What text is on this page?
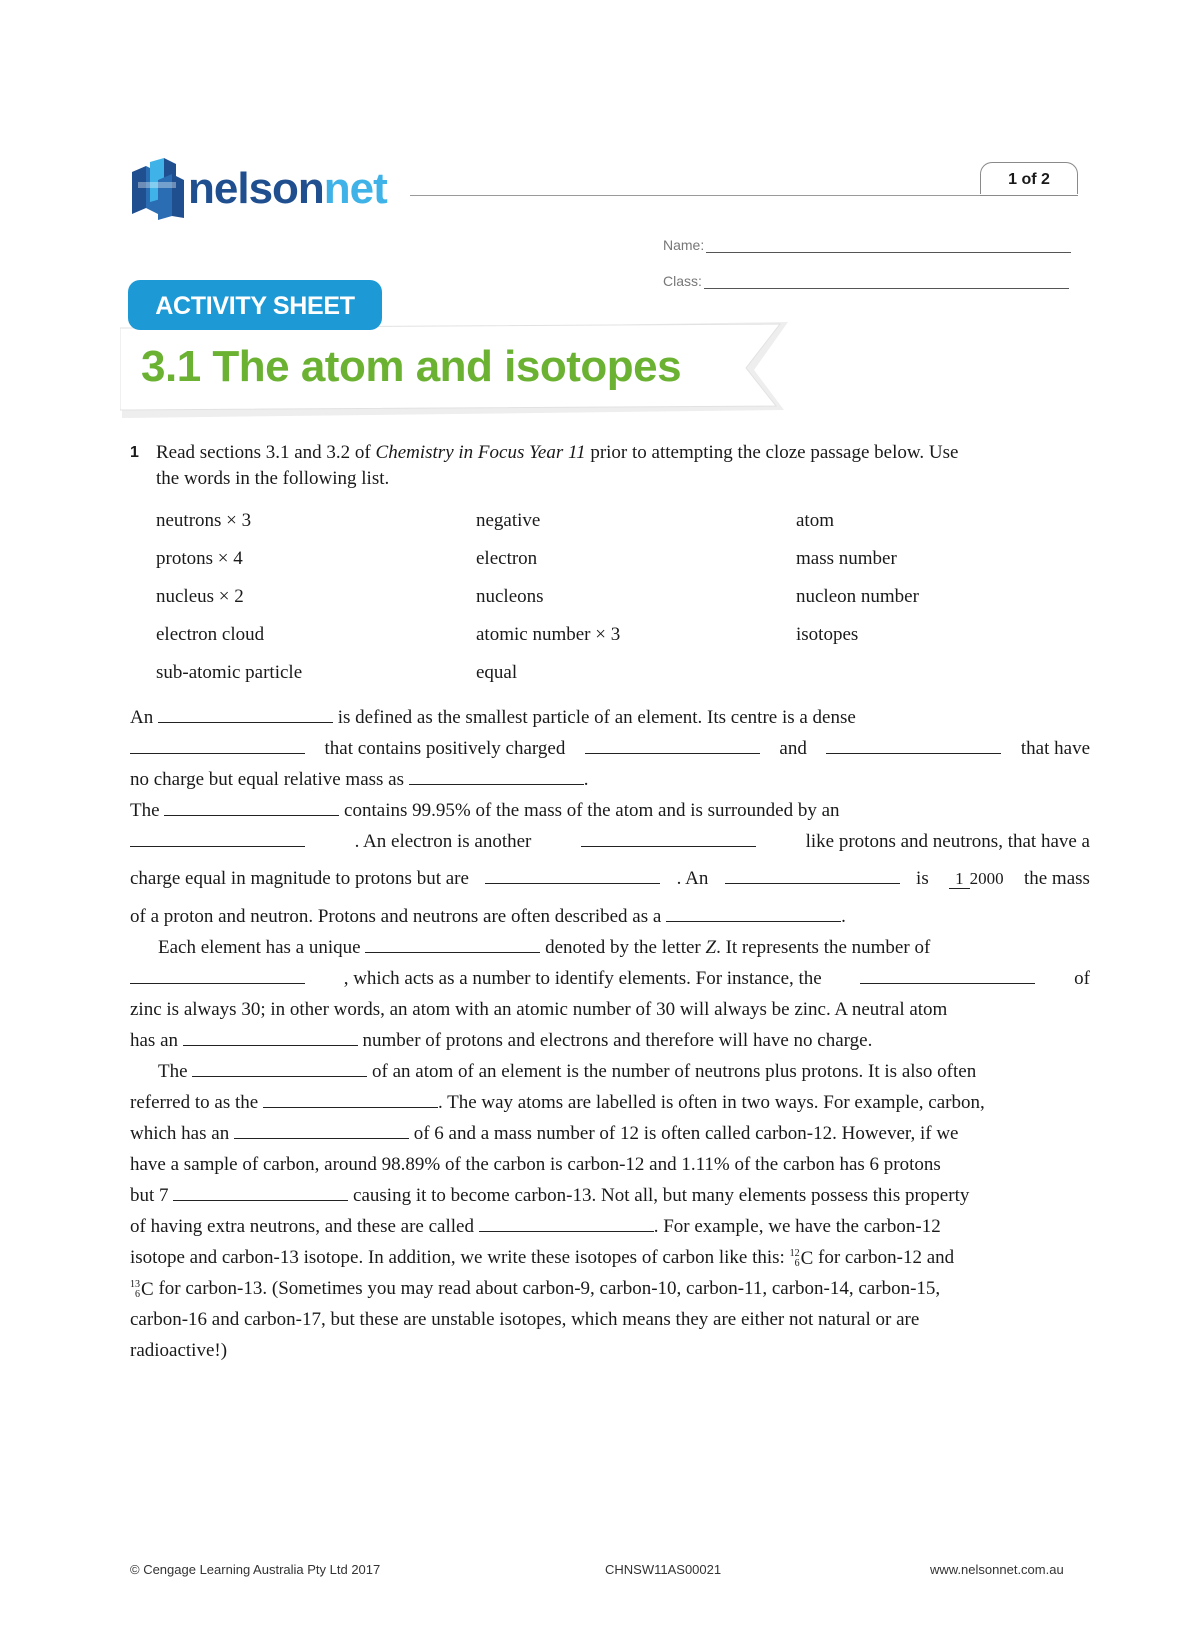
nelsonnet	1 of 2
Name:
Class:
ACTIVITY SHEET
3.1 The atom and isotopes
1 Read sections 3.1 and 3.2 of Chemistry in Focus Year 11 prior to attempting the cloze passage below. Use
the words in the following list.
neutrons × 3	negative	atom
protons × 4	electron	mass number
nucleus × 2	nucleons	nucleon number
electron cloud	atomic number × 3	isotopes
sub-atomic particle	equal
An	is defined as the smallest particle of an element. Its centre is a dense
that contains positively charged	and	that have
no charge but equal relative mass as	.
The	contains 99.95% of the mass of the atom and is surrounded by an
. An electron is another	like protons and neutrons, that have a
charge equal in magnitude to protons but are	. An	is	1 2000 the mass
of a proton and neutron. Protons and neutrons are often described as a	.
Each element has a unique	denoted by the letter Z. It represents the number of
, which acts as a number to identify elements. For instance, the	of
zinc is always 30; in other words, an atom with an atomic number of 30 will always be zinc. A neutral atom
has an	number of protons and electrons and therefore will have no charge.
The	of an atom of an element is the number of neutrons plus protons. It is also often
referred to as the	. The way atoms are labelled is often in two ways. For example, carbon,
which has an	of 6 and a mass number of 12 is often called carbon-12. However, if we
have a sample of carbon, around 98.89% of the carbon is carbon-12 and 1.11% of the carbon has 6 protons
but 7	causing it to become carbon-13. Not all, but many elements possess this property
of having extra neutrons, and these are called	. For example, we have the carbon-12
isotope and carbon-13 isotope. In addition, we write these isotopes of carbon like this: 12
6 C for carbon-12 and
13
6 C for carbon-13. (Sometimes you may read about carbon-9, carbon-10, carbon-11, carbon-14, carbon-15,
carbon-16 and carbon-17, but these are unstable isotopes, which means they are either not natural or are
radioactive!)
© Cengage Learning Australia Pty Ltd 2017	CHNSW11AS00021	www.nelsonnet.com.au
